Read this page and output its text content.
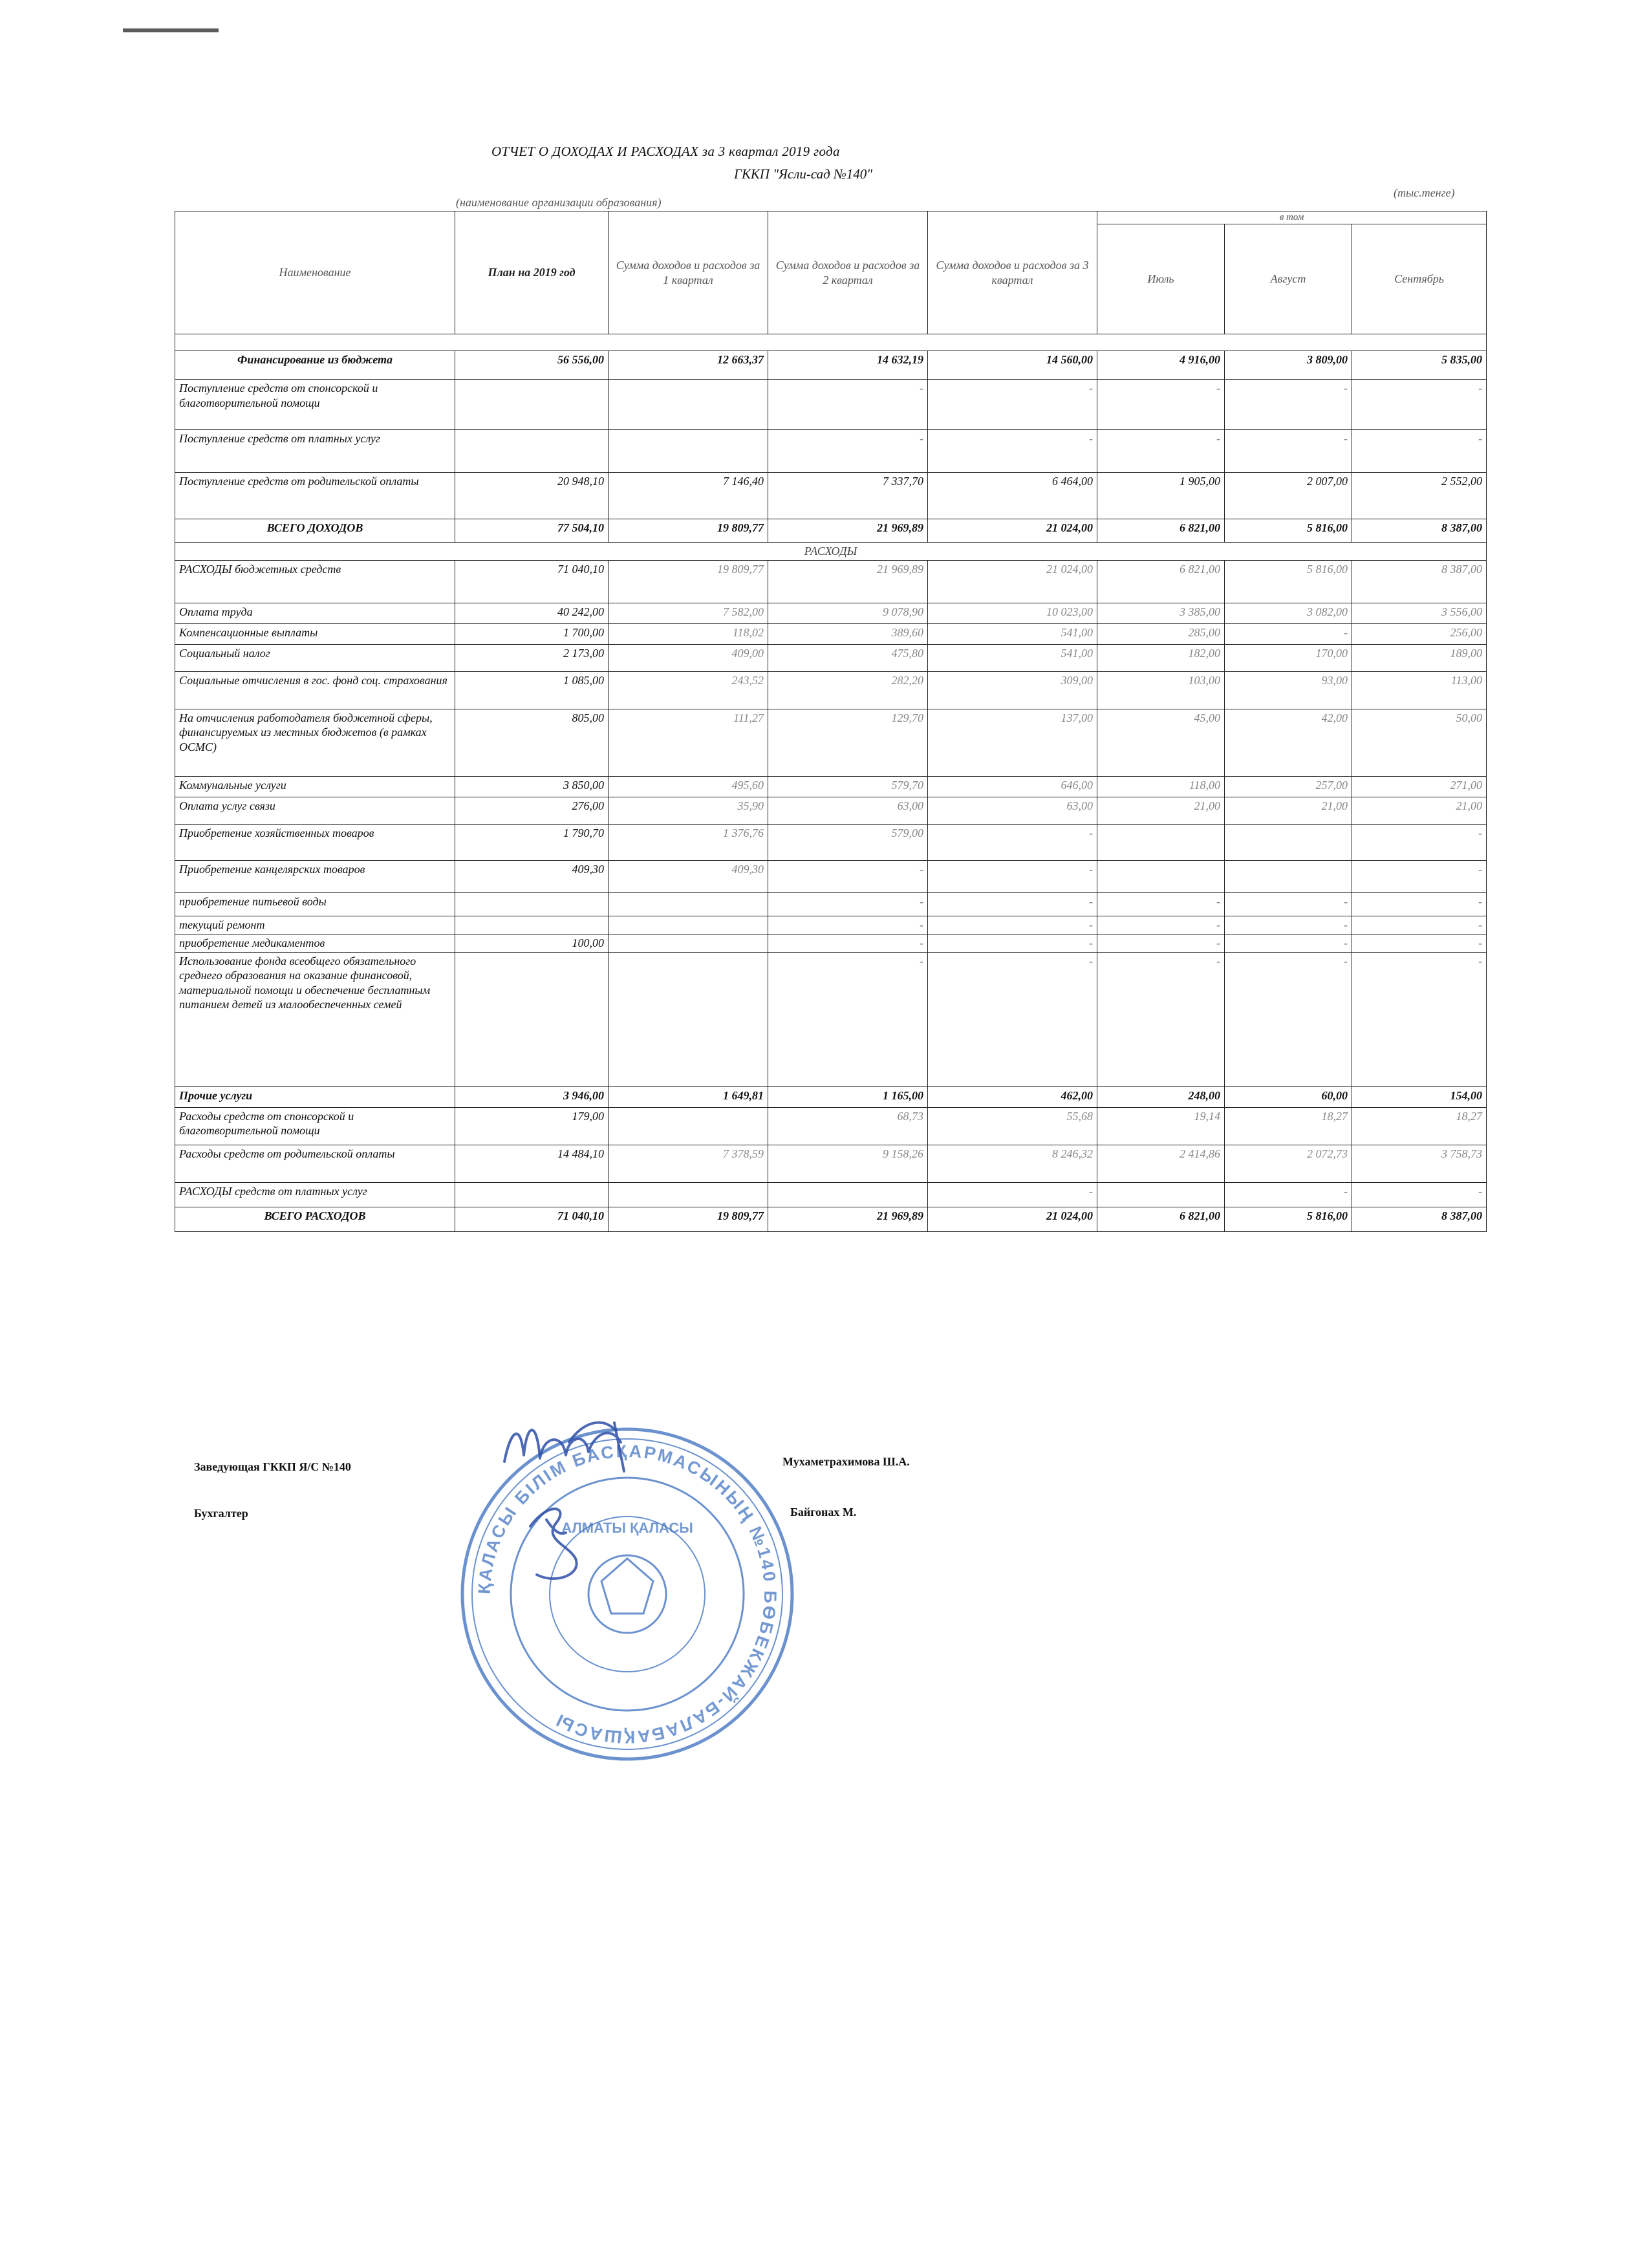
ОТЧЕТ О ДОХОДАХ И РАСХОДАХ за 3 квартал 2019 года
ГККП "Ясли-сад №140"
(тыс.тенге)
(наименование организации образования)
Наименование	План на 2019 год	Сумма доходов и расходов за 1 квартал	Сумма доходов и расходов за 2 квартал	Сумма доходов и расходов за 3 квартал	в том		
					Июль	Август	Сентябрь

Финансирование из бюджета	56 556,00	12 663,37	14 632,19	14 560,00	4 916,00	3 809,00	5 835,00
Поступление средств от спонсорской и благотворительной помощи			-	-	-	-	-
Поступление средств от платных услуг			-	-	-	-	-
Поступление средств от родительской оплаты	20 948,10	7 146,40	7 337,70	6 464,00	1 905,00	2 007,00	2 552,00
ВСЕГО ДОХОДОВ	77 504,10	19 809,77	21 969,89	21 024,00	6 821,00	5 816,00	8 387,00
РАСХОДЫ							
РАСХОДЫ бюджетных средств	71 040,10	19 809,77	21 969,89	21 024,00	6 821,00	5 816,00	8 387,00
Оплата труда	40 242,00	7 582,00	9 078,90	10 023,00	3 385,00	3 082,00	3 556,00
Компенсационные выплаты	1 700,00	118,02	389,60	541,00	285,00	-	256,00
Социальный налог	2 173,00	409,00	475,80	541,00	182,00	170,00	189,00
Социальные отчисления в гос. фонд соц. страхования	1 085,00	243,52	282,20	309,00	103,00	93,00	113,00
На отчисления работодателя бюджетной сферы, финансируемых из местных бюджетов (в рамках ОСМС)	805,00	111,27	129,70	137,00	45,00	42,00	50,00
Коммунальные услуги	3 850,00	495,60	579,70	646,00	118,00	257,00	271,00
Оплата услуг связи	276,00	35,90	63,00	63,00	21,00	21,00	21,00
Приобретение хозяйственных товаров	1 790,70	1 376,76	579,00	-			-
Приобретение канцелярских товаров	409,30	409,30	-	-			-
приобретение питьевой воды			-	-	-	-	-
текущий ремонт			-	-	-	-	-
приобретение медикаментов	100,00		-	-	-	-	-
Использование фонда всеобщего обязательного среднего образования на оказание финансовой, материальной помощи и обеспечение бесплатным питанием детей из малообеспеченных семей			-	-	-	-	-
Прочие услуги	3 946,00	1 649,81	1 165,00	462,00	248,00	60,00	154,00
Расходы средств от спонсорской и благотворительной помощи	179,00		68,73	55,68	19,14	18,27	18,27
Расходы средств от родительской оплаты	14 484,10	7 378,59	9 158,26	8 246,32	2 414,86	2 072,73	3 758,73
РАСХОДЫ средств от платных услуг				-		-	-
ВСЕГО РАСХОДОВ	71 040,10	19 809,77	21 969,89	21 024,00	6 821,00	5 816,00	8 387,00
Заведующая ГККП Я/С №140	Мухаметрахимова Ш.А.
Бухгалтер	Байгонах М.
ҚАЛАСЫ БІЛІМ БАСҚАРМАСЫНЫҢ №140 БӨБЕКЖАЙ-БАЛАБАҚШАСЫ
АЛМАТЫ ҚАЛАСЫ
